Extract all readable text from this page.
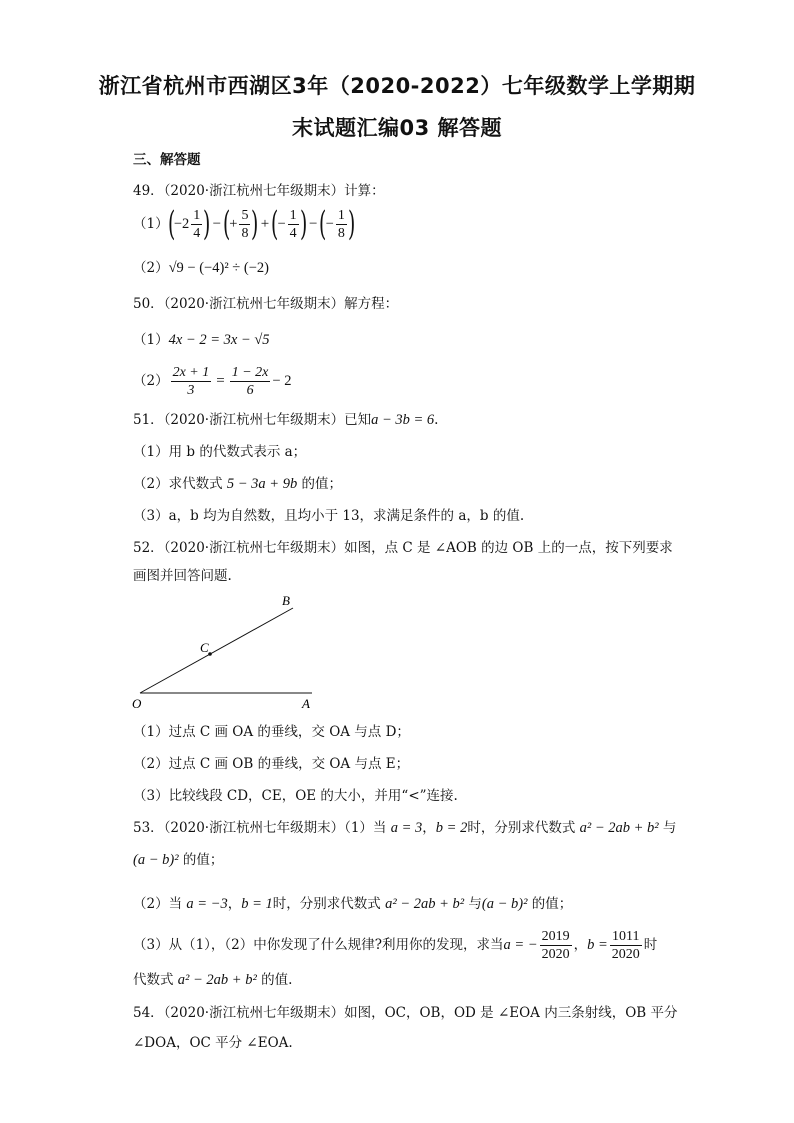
浙江省杭州市西湖区3年（2020-2022）七年级数学上学期期
末试题汇编03 解答题
三、解答题
49．（2020·浙江杭州七年级期末）计算：
（1）
(
$-2 \frac{1}{4}$ ) − (
+ $\frac{5}{8}$ ) + (
− $\frac{1}{4}$ ) − (
− $\frac{1}{8}$ )
（2）√9 − (−4)² ÷ (−2)
50．（2020·浙江杭州七年级期末）解方程：
（1）4x − 2 = 3x − √5
$(2) \frac{2x + 1}{3} = \frac{1 - 2x}{6} - 2$
51．（2020·浙江杭州七年级期末）已知a − 3b = 6.
（1）用 b 的代数式表示 a；
（2）求代数式 5 − 3a + 9b 的值；
（3）a，b 均为自然数，且均小于 13，求满足条件的 a，b 的值.
52．（2020·浙江杭州七年级期末）如图，点 C 是 ∠AOB 的边 OB 上的一点，按下列要求
画图并回答问题.
O	A
B
C
（1）过点 C 画 OA 的垂线，交 OA 与点 D；
（2）过点 C 画 OB 的垂线，交 OA 与点 E；
（3）比较线段 CD，CE，OE 的大小，并用“<”连接.
53．（2020·浙江杭州七年级期末）（1）当 a = 3，b = 2时，分别求代数式 a² − 2ab + b² 与
(a − b)² 的值；
（2）当 a = −3，b = 1时，分别求代数式 a² − 2ab + b² 与(a − b)² 的值；
（3）从（1），（2）中你发现了什么规律?利用你的发现，求当 a = − $\frac{2019}{2020}$ ， $b = \frac{1011}{2020}$ 时
代数式 a² − 2ab + b² 的值.
54．（2020·浙江杭州七年级期末）如图，OC，OB，OD 是 ∠EOA 内三条射线，OB 平分
∠DOA，OC 平分 ∠EOA.
